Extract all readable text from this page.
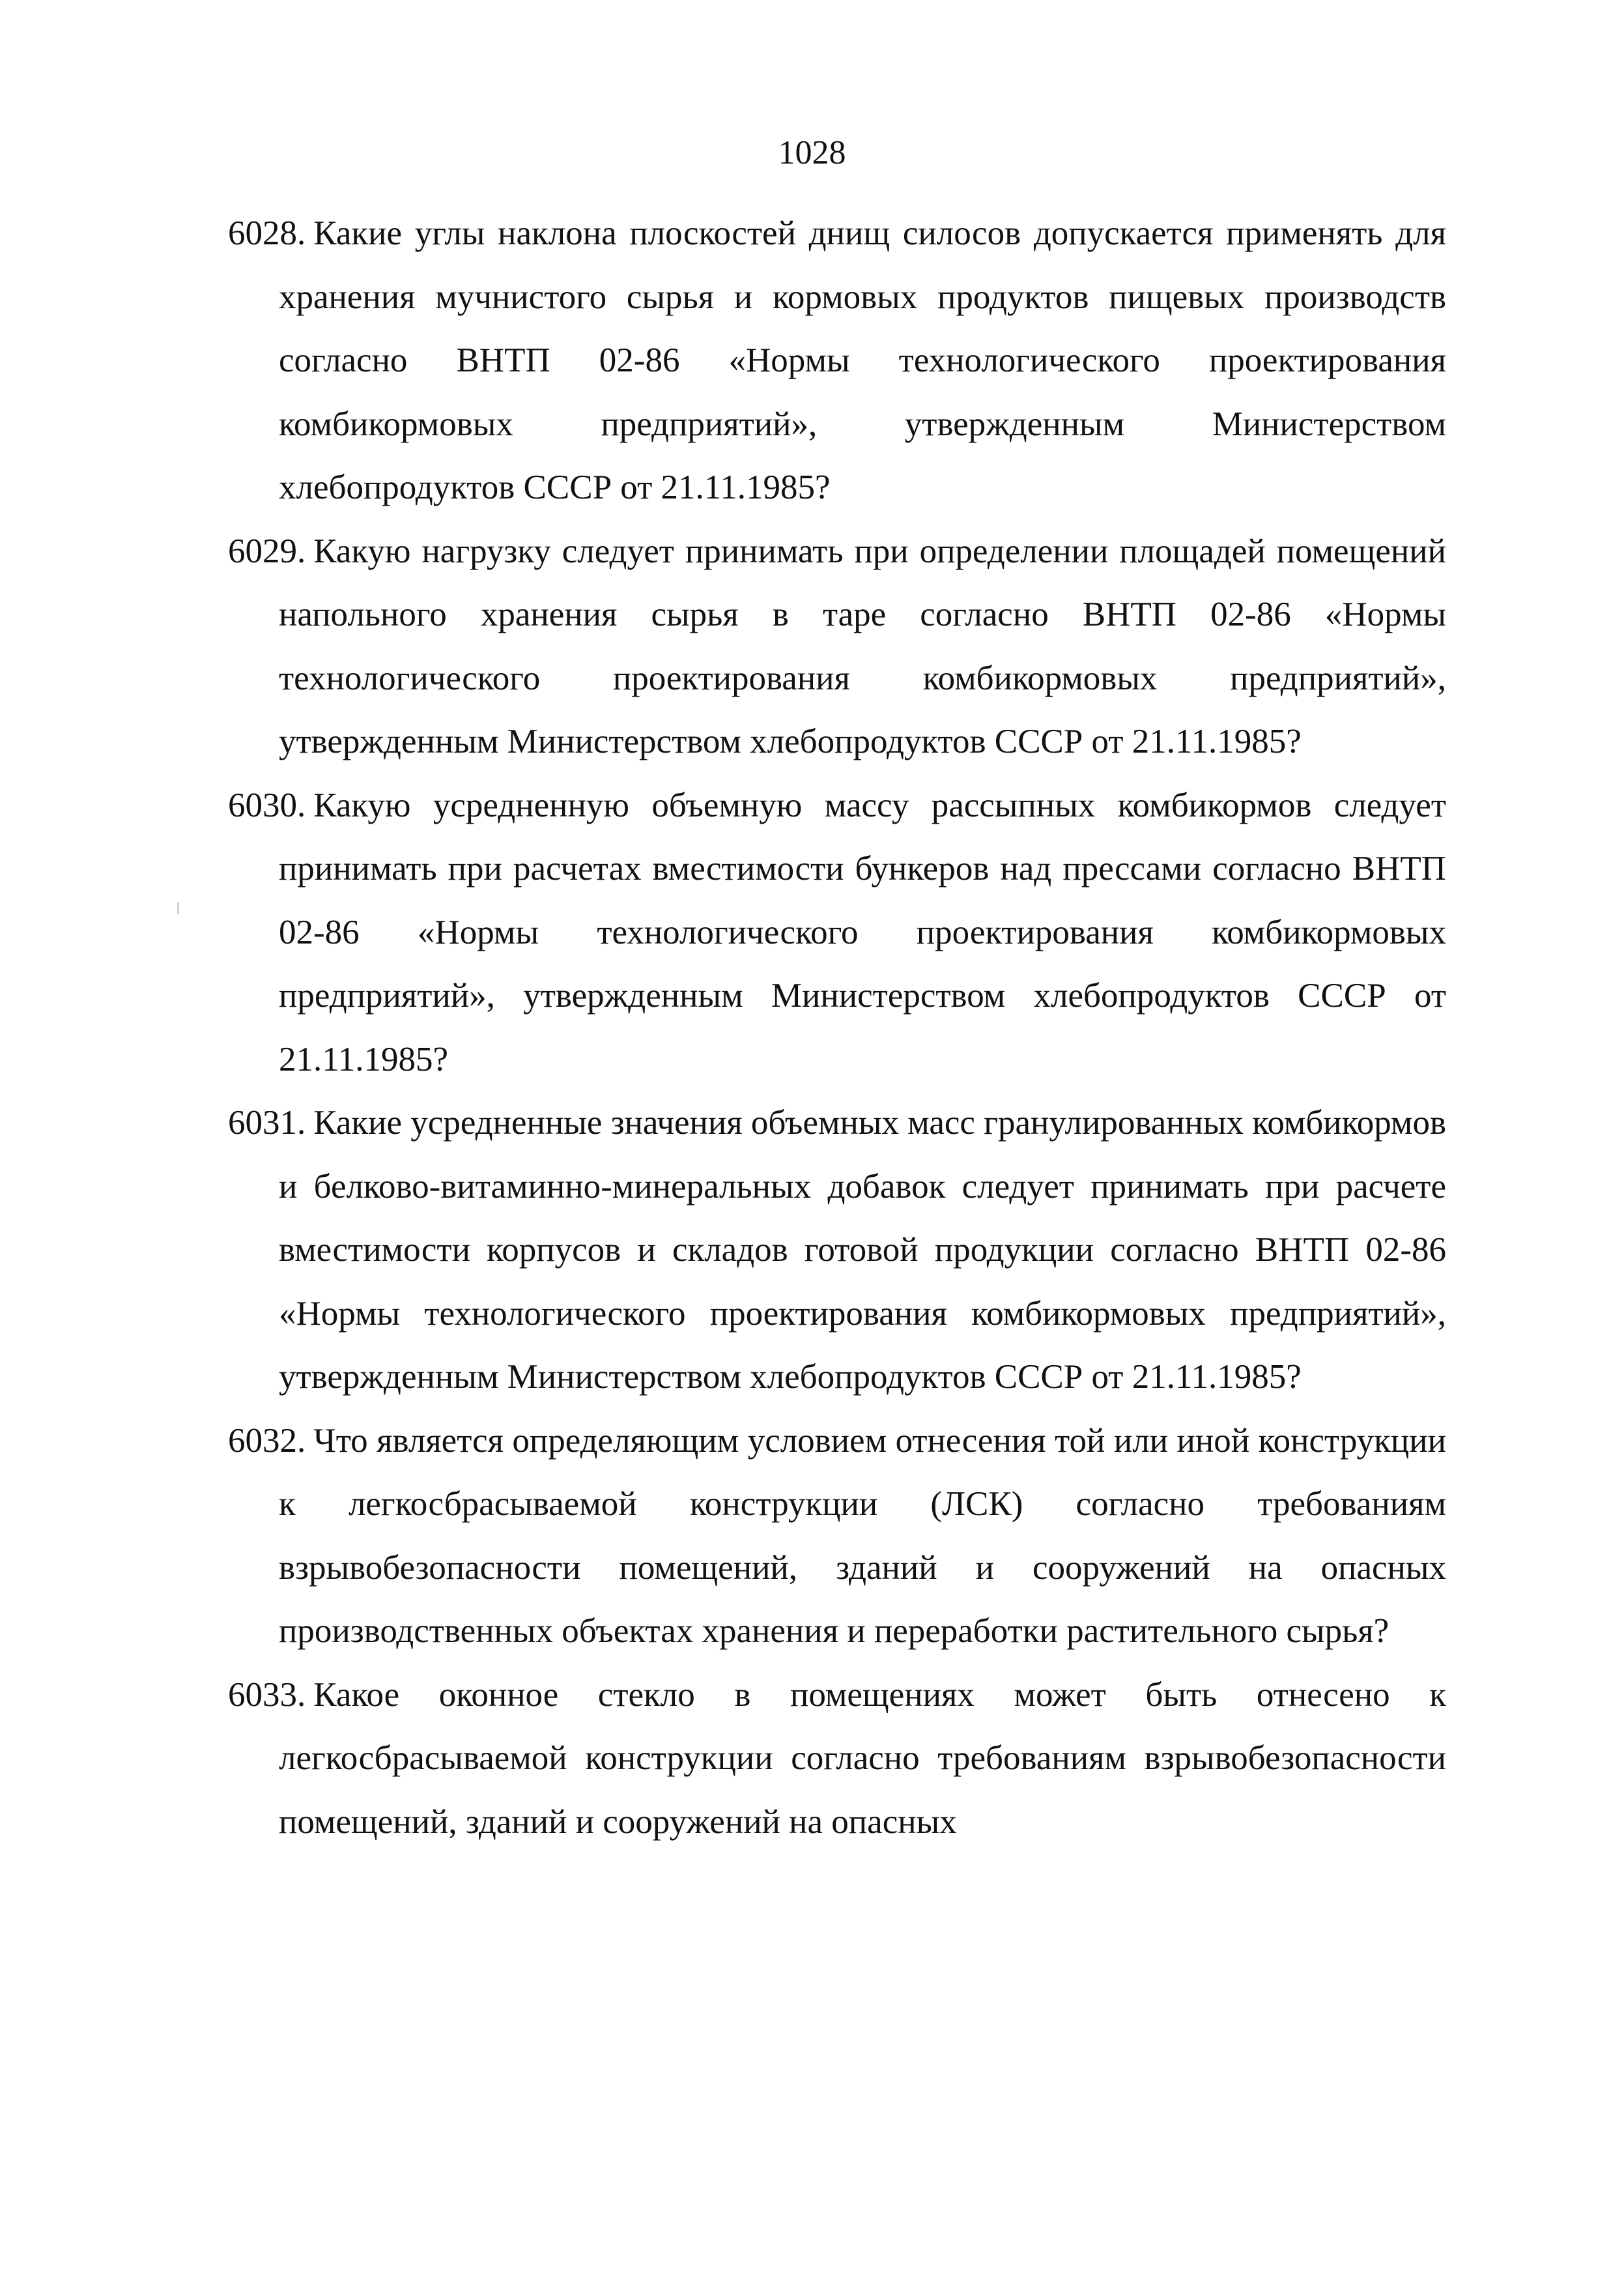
1028
6028. Какие углы наклона плоскостей днищ силосов допускается применять для хранения мучнистого сырья и кормовых продуктов пищевых производств согласно ВНТП 02-86 «Нормы технологического проектирования комбикормовых предприятий», утвержденным Министерством хлебопродуктов СССР от 21.11.1985?

6029. Какую нагрузку следует принимать при определении площадей помещений напольного хранения сырья в таре согласно ВНТП 02-86 «Нормы технологического проектирования комбикормовых предприятий», утвержденным Министерством хлебопродуктов СССР от 21.11.1985?

6030. Какую усредненную объемную массу рассыпных комбикормов следует принимать при расчетах вместимости бункеров над прессами согласно ВНТП 02-86 «Нормы технологического проектирования комбикормовых предприятий», утвержденным Министерством хлебопродуктов СССР от 21.11.1985?

6031. Какие усредненные значения объемных масс гранулированных комбикормов и белково-витаминно-минеральных добавок следует принимать при расчете вместимости корпусов и складов готовой продукции согласно ВНТП 02-86 «Нормы технологического проектирования комбикормовых предприятий», утвержденным Министерством хлебопродуктов СССР от 21.11.1985?

6032. Что является определяющим условием отнесения той или иной конструкции к легкосбрасываемой конструкции (ЛСК) согласно требованиям взрывобезопасности помещений, зданий и сооружений на опасных производственных объектах хранения и переработки растительного сырья?

6033. Какое оконное стекло в помещениях может быть отнесено к легкосбрасываемой конструкции согласно требованиям взрывобезопасности помещений, зданий и сооружений на опасных
